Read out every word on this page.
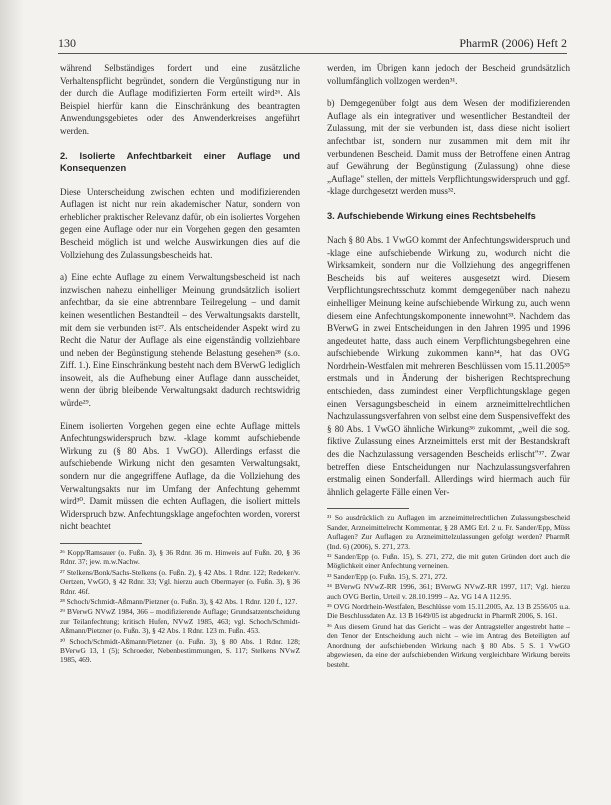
130	PharmR (2006) Heft 2

während Selbständiges fordert und eine zusätzliche Verhaltenspflicht begründet, sondern die Vergünstigung nur in der durch die Auflage modifizierten Form erteilt wird²⁶. Als Beispiel hierfür kann die Einschränkung des beantragten Anwendungsgebietes oder des Anwenderkreises angeführt werden.

2. Isolierte Anfechtbarkeit einer Auflage und Konsequenzen

Diese Unterscheidung zwischen echten und modifizierenden Auflagen ist nicht nur rein akademischer Natur, sondern von erheblicher praktischer Relevanz dafür, ob ein isoliertes Vorgehen gegen eine Auflage oder nur ein Vorgehen gegen den gesamten Bescheid möglich ist und welche Auswirkungen dies auf die Vollziehung des Zulassungsbescheids hat.

a) Eine echte Auflage zu einem Verwaltungsbescheid ist nach inzwischen nahezu einhelliger Meinung grundsätzlich isoliert anfechtbar, da sie eine abtrennbare Teilregelung – und damit keinen wesentlichen Bestandteil – des Verwaltungsakts darstellt, mit dem sie verbunden ist²⁷. Als entscheidender Aspekt wird zu Recht die Natur der Auflage als eine eigenständig vollziehbare und neben der Begünstigung stehende Belastung gesehen²⁸ (s.o. Ziff. 1.). Eine Einschränkung besteht nach dem BVerwG lediglich insoweit, als die Aufhebung einer Auflage dann ausscheidet, wenn der übrig bleibende Verwaltungsakt dadurch rechtswidrig würde²⁹.

Einem isolierten Vorgehen gegen eine echte Auflage mittels Anfechtungswiderspruch bzw. -klage kommt aufschiebende Wirkung zu (§ 80 Abs. 1 VwGO). Allerdings erfasst die aufschiebende Wirkung nicht den gesamten Verwaltungsakt, sondern nur die angegriffene Auflage, da die Vollziehung des Verwaltungsakts nur im Umfang der Anfechtung gehemmt wird³⁰. Damit müssen die echten Auflagen, die isoliert mittels Widerspruch bzw. Anfechtungsklage angefochten worden, vorerst nicht beachtet

²⁶ Kopp/Ramsauer (o. Fußn. 3), § 36 Rdnr. 36 m. Hinweis auf Fußn. 20, § 36 Rdnr. 37; jew. m.w.Nachw.
²⁷ Stelkens/Bonk/Sachs-Stelkens (o. Fußn. 2), § 42 Abs. 1 Rdnr. 122; Redeker/v. Oertzen, VwGO, § 42 Rdnr. 33; Vgl. hierzu auch Obermayer (o. Fußn. 3), § 36 Rdnr. 46f.
²⁸ Schoch/Schmidt-Aßmann/Pietzner (o. Fußn. 3), § 42 Abs. 1 Rdnr. 120 f., 127.
²⁹ BVerwG NVwZ 1984, 366 – modifizierende Auflage; Grundsatzentscheidung zur Teilanfechtung; kritisch Hufen, NVwZ 1985, 463; vgl. Schoch/Schmidt-Aßmann/Pietzner (o. Fußn. 3), § 42 Abs. 1 Rdnr. 123 m. Fußn. 453.
³⁰ Schoch/Schmidt-Aßmann/Pietzner (o. Fußn. 3), § 80 Abs. 1 Rdnr. 128; BVerwG 13, 1 (5); Schroeder, Nebenbestimmungen, S. 117; Stelkens NVwZ 1985, 469.

werden, im Übrigen kann jedoch der Bescheid grundsätzlich vollumfänglich vollzogen werden³¹.

b) Demgegenüber folgt aus dem Wesen der modifizierenden Auflage als ein integrativer und wesentlicher Bestandteil der Zulassung, mit der sie verbunden ist, dass diese nicht isoliert anfechtbar ist, sondern nur zusammen mit dem mit ihr verbundenen Bescheid. Damit muss der Betroffene einen Antrag auf Gewährung der Begünstigung (Zulassung) ohne diese „Auflage" stellen, der mittels Verpflichtungswiderspruch und ggf. -klage durchgesetzt werden muss³².

3. Aufschiebende Wirkung eines Rechtsbehelfs

Nach § 80 Abs. 1 VwGO kommt der Anfechtungswiderspruch und -klage eine aufschiebende Wirkung zu, wodurch nicht die Wirksamkeit, sondern nur die Vollziehung des angegriffenen Bescheids bis auf weiteres ausgesetzt wird. Diesem Verpflichtungsrechtsschutz kommt demgegenüber nach nahezu einhelliger Meinung keine aufschiebende Wirkung zu, auch wenn diesem eine Anfechtungskomponente innewohnt³³. Nachdem das BVerwG in zwei Entscheidungen in den Jahren 1995 und 1996 angedeutet hatte, dass auch einem Verpflichtungsbegehren eine aufschiebende Wirkung zukommen kann³⁴, hat das OVG Nordrhein-Westfalen mit mehreren Beschlüssen vom 15.11.2005³⁵ erstmals und in Änderung der bisherigen Rechtsprechung entschieden, dass zumindest einer Verpflichtungsklage gegen einen Versagungsbescheid in einem arzneimittelrechtlichen Nachzulassungsverfahren von selbst eine dem Suspensiveffekt des § 80 Abs. 1 VwGO ähnliche Wirkung³⁶ zukommt, „weil die sog. fiktive Zulassung eines Arzneimittels erst mit der Bestandskraft des die Nachzulassung versagenden Bescheids erlischt"³⁷. Zwar betreffen diese Entscheidungen nur Nachzulassungsverfahren erstmalig einen Sonderfall. Allerdings wird hiermach auch für ähnlich gelagerte Fälle einen Ver-

³¹ So ausdrücklich zu Auflagen im arzneimittelrechtlichen Zulassungsbescheid Sander, Arzneimittelrecht Kommentar, § 28 AMG Erl. 2 u. Fr. Sander/Epp, Müss Auflagen? Zur Auflagen zu Arzneimittelzulassungen gefolgt werden? PharmR (Ind. 6) (2006), S. 271, 273.
³² Sander/Epp (o. Fußn. 15), S. 271, 272, die mit guten Gründen dort auch die Möglichkeit einer Anfechtung verneinen.
³³ Sander/Epp (o. Fußn. 15), S. 271, 272.
³⁴ BVerwG NVwZ-RR 1996, 361; BVerwG NVwZ-RR 1997, 117; Vgl. hierzu auch OVG Berlin, Urteil v. 28.10.1999 – Az. VG 14 A 112.95.
³⁵ OVG Nordrhein-Westfalen, Beschlüsse vom 15.11.2005, Az. 13 B 2556/05 u.a. Die Beschlussdaten Az. 13 B 1649/05 ist abgedruckt in PharmR 2006, S. 161.
³⁶ Aus diesem Grund hat das Gericht – was der Antragsteller angestrebt hatte – den Tenor der Entscheidung auch nicht – wie im Antrag des Beteiligten auf Anordnung der aufschiebenden Wirkung nach § 80 Abs. 5 S. 1 VwGO abgewiesen, da eine der aufschiebenden Wirkung vergleichbare Wirkung bereits besteht.
